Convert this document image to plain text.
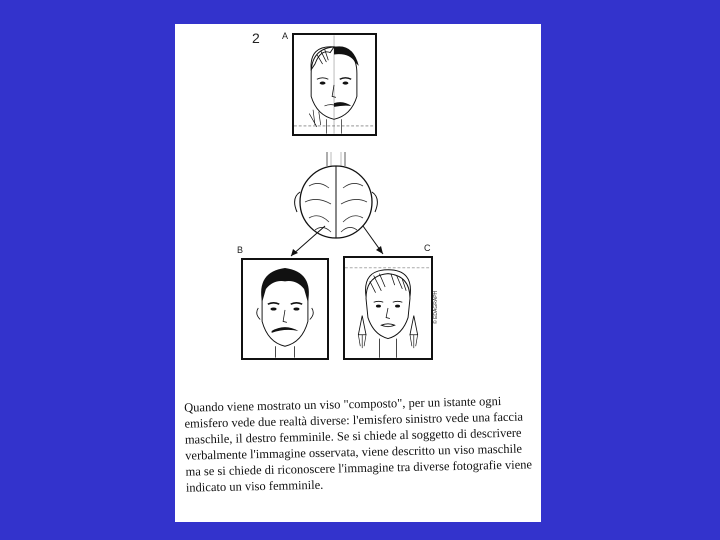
2 A
B	C
© EDAGRAPH
Quando viene mostrato un viso "composto", per un istante ogni emisfero vede due realtà diverse: l'emisfero sinistro vede una faccia maschile, il destro femminile. Se si chiede al soggetto di descrivere verbalmente l'immagine osservata, viene descritto un viso maschile ma se si chiede di riconoscere l'immagine tra diverse fotografie viene indicato un viso femminile.
